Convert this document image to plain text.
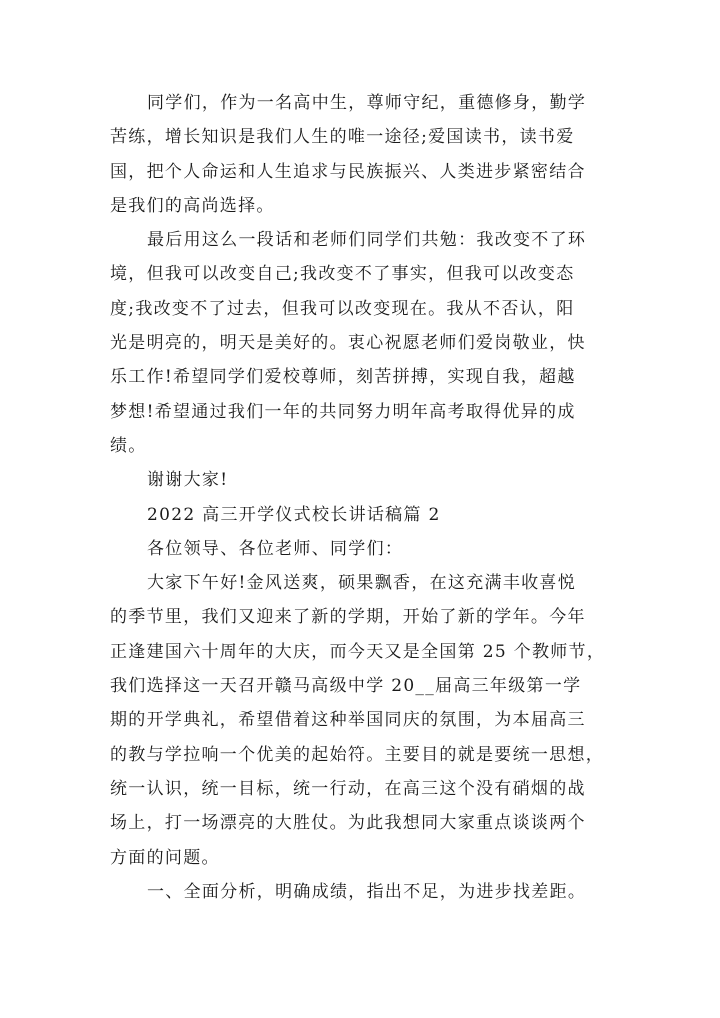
同学们，作为一名高中生，尊师守纪，重德修身，勤学
苦练，增长知识是我们人生的唯一途径;爱国读书，读书爱
国，把个人命运和人生追求与民族振兴、人类进步紧密结合
是我们的高尚选择。
最后用这么一段话和老师们同学们共勉：我改变不了环
境，但我可以改变自己;我改变不了事实，但我可以改变态
度;我改变不了过去，但我可以改变现在。我从不否认，阳
光是明亮的，明天是美好的。衷心祝愿老师们爱岗敬业，快
乐工作!希望同学们爱校尊师，刻苦拼搏，实现自我，超越
梦想!希望通过我们一年的共同努力明年高考取得优异的成
绩。
谢谢大家!
2022 高三开学仪式校长讲话稿篇 2
各位领导、各位老师、同学们：
大家下午好!金风送爽，硕果飘香，在这充满丰收喜悦
的季节里，我们又迎来了新的学期，开始了新的学年。今年
正逢建国六十周年的大庆，而今天又是全国第 25 个教师节，
我们选择这一天召开赣马高级中学 20__届高三年级第一学
期的开学典礼，希望借着这种举国同庆的氛围，为本届高三
的教与学拉响一个优美的起始符。主要目的就是要统一思想，
统一认识，统一目标，统一行动，在高三这个没有硝烟的战
场上，打一场漂亮的大胜仗。为此我想同大家重点谈谈两个
方面的问题。
一、全面分析，明确成绩，指出不足，为进步找差距。
